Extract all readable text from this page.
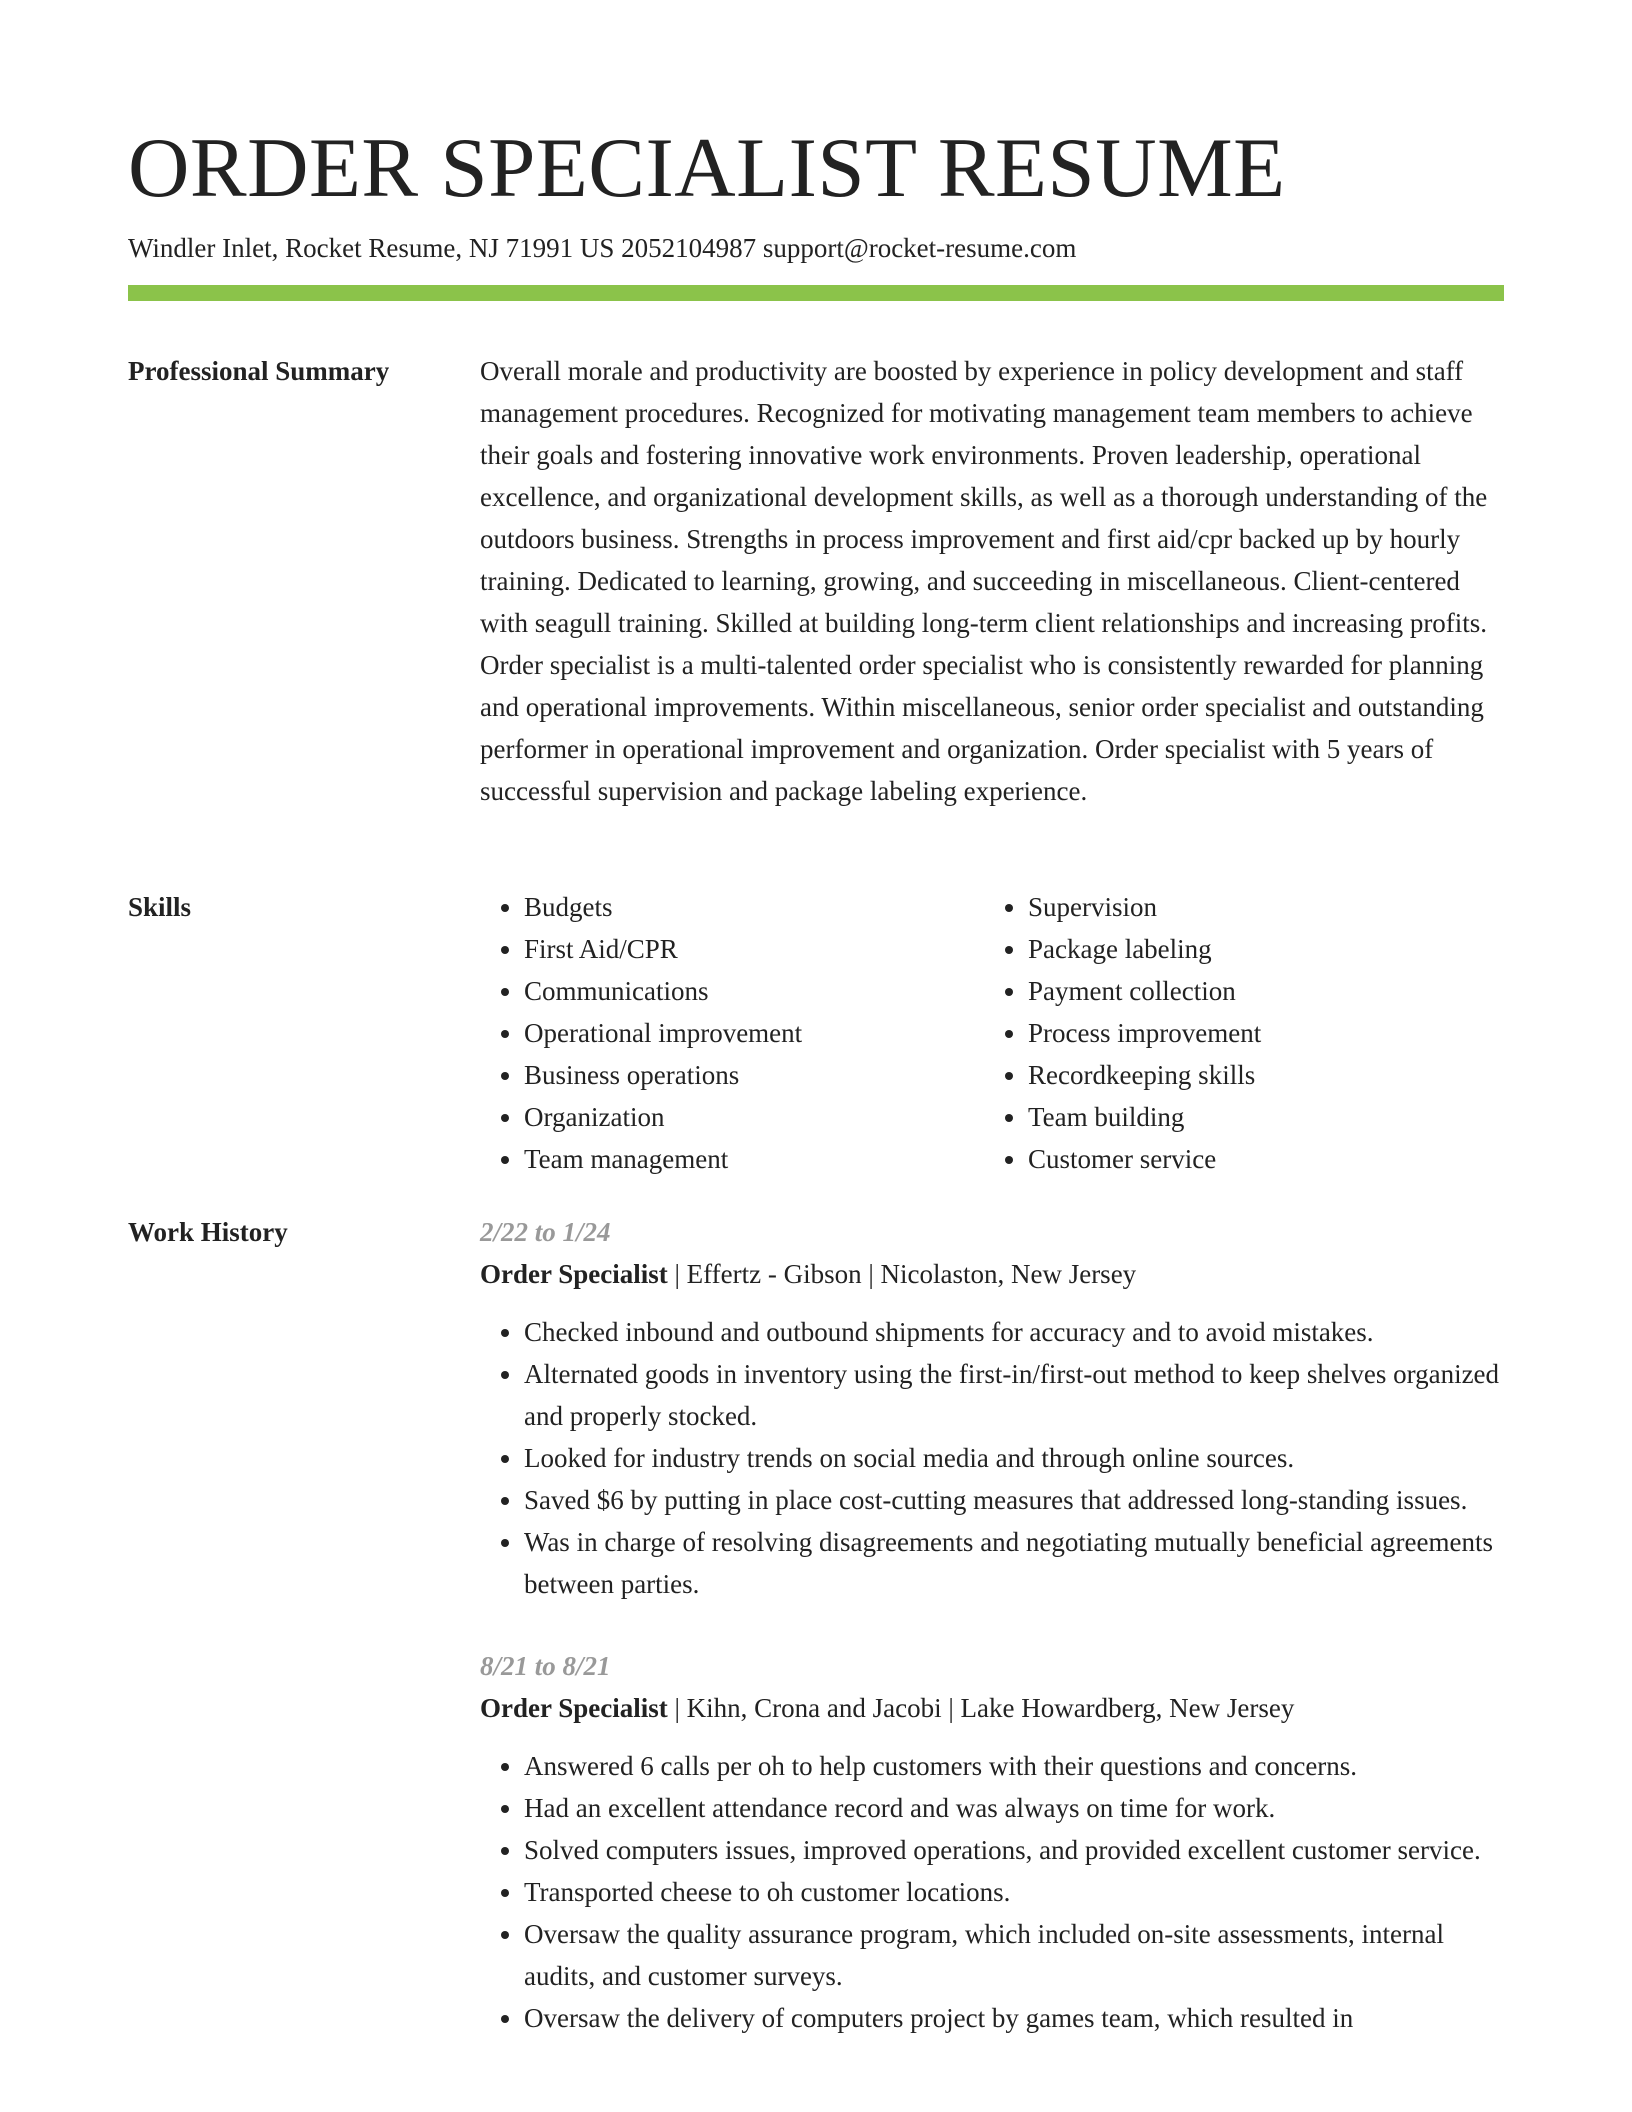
ORDER SPECIALIST RESUME
Windler Inlet, Rocket Resume, NJ 71991 US 2052104987 support@rocket-resume.com
Professional Summary	Overall morale and productivity are boosted by experience in policy development and staff management procedures. Recognized for motivating management team members to achieve their goals and fostering innovative work environments. Proven leadership, operational excellence, and organizational development skills, as well as a thorough understanding of the outdoors business. Strengths in process improvement and first aid/cpr backed up by hourly training. Dedicated to learning, growing, and succeeding in miscellaneous. Client-centered with seagull training. Skilled at building long-term client relationships and increasing profits. Order specialist is a multi-talented order specialist who is consistently rewarded for planning and operational improvements. Within miscellaneous, senior order specialist and outstanding performer in operational improvement and organization. Order specialist with 5 years of successful supervision and package labeling experience.

Skills
•	Budgets
• First Aid/CPR
• Communications
• Operational improvement
• Business operations
• Organization
• Team management
• Supervision
• Package labeling
• Payment collection
• Process improvement
• Recordkeeping skills
• Team building
• Customer service
Work History	2/22 to 1/24
Order Specialist | Effertz - Gibson | Nicolaston, New Jersey
• Checked inbound and outbound shipments for accuracy and to avoid mistakes.
• Alternated goods in inventory using the first-in/first-out method to keep shelves organized and properly stocked.
• Looked for industry trends on social media and through online sources.
• Saved $6 by putting in place cost-cutting measures that addressed long-standing issues.
• Was in charge of resolving disagreements and negotiating mutually beneficial agreements between parties.
8/21 to 8/21
Order Specialist | Kihn, Crona and Jacobi | Lake Howardberg, New Jersey
• Answered 6 calls per oh to help customers with their questions and concerns.
• Had an excellent attendance record and was always on time for work.
• Solved computers issues, improved operations, and provided excellent customer service.
• Transported cheese to oh customer locations.
• Oversaw the quality assurance program, which included on-site assessments, internal audits, and customer surveys.
• Oversaw the delivery of computers project by games team, which resulted in
